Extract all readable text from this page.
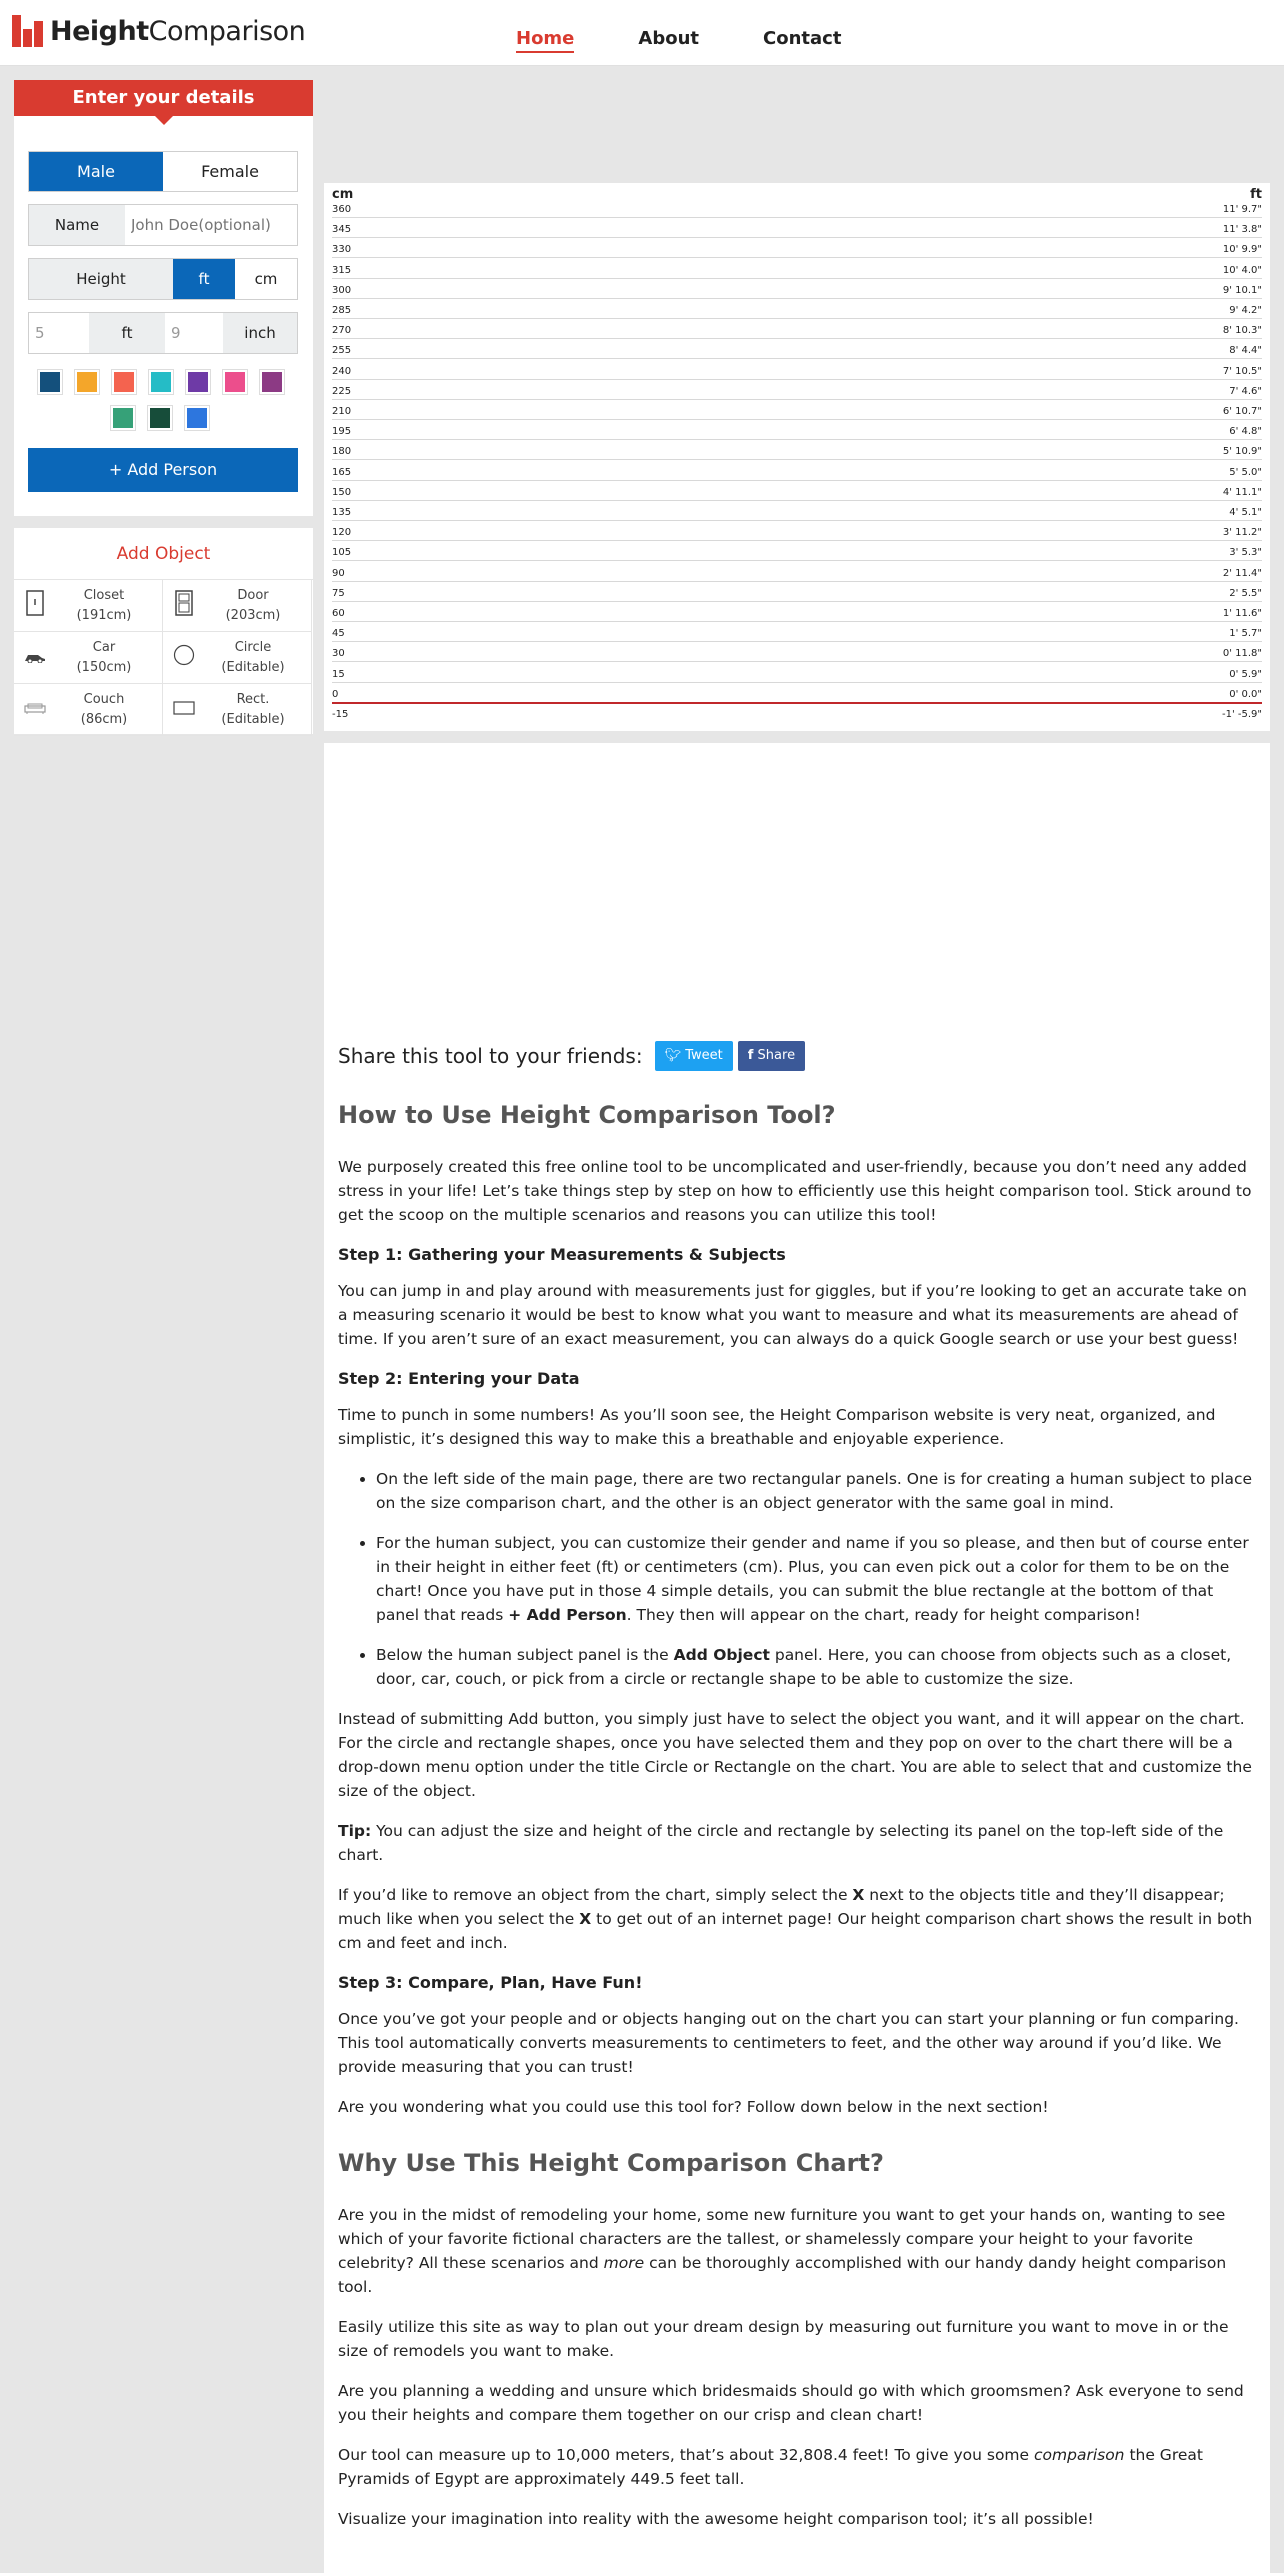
HeightComparison	Home	About	Contact
Enter your details
Male	Female
Name
John Doe(optional)
Height	ft	cm
5
ft
9	inch
+ Add Person
Add Object
Closet
(191cm)
Door
(203cm)
Car
(150cm)
Circle
(Editable)
Couch
(86cm)
Rect.
(Editable)
cm	ft
360	11' 9.7"
345	11' 3.8"
330	10' 9.9"
315	10' 4.0"
300	9' 10.1"
285	9' 4.2"
270	8' 10.3"
255	8' 4.4"
240	7' 10.5"
225	7' 4.6"
210	6' 10.7"
195	6' 4.8"
180	5' 10.9"
165	5' 5.0"
150	4' 11.1"
135	4' 5.1"
120	3' 11.2"
105	3' 5.3"
90	2' 11.4"
75	2' 5.5"
60	1' 11.6"
45	1' 5.7"
30	0' 11.8"
15	0' 5.9"
0	0' 0.0"
-15	-1' -5.9"
Share this tool to your friends:	🐦︎ Tweet	f Share
How to Use Height Comparison Tool?

We purposely created this free online tool to be uncomplicated and user-friendly, because you don’t need any added stress in your life! Let’s take things step by step on how to efficiently use this height comparison tool. Stick around to get the scoop on the multiple scenarios and reasons you can utilize this tool!

Step 1: Gathering your Measurements & Subjects

You can jump in and play around with measurements just for giggles, but if you’re looking to get an accurate take on a measuring scenario it would be best to know what you want to measure and what its measurements are ahead of time. If you aren’t sure of an exact measurement, you can always do a quick Google search or use your best guess!

Step 2: Entering your Data

Time to punch in some numbers! As you’ll soon see, the Height Comparison website is very neat, organized, and simplistic, it’s designed this way to make this a breathable and enjoyable experience.

• On the left side of the main page, there are two rectangular panels. One is for creating a human subject to place on the size comparison chart, and the other is an object generator with the same goal in mind.
• For the human subject, you can customize their gender and name if you so please, and then but of course enter in their height in either feet (ft) or centimeters (cm). Plus, you can even pick out a color for them to be on the chart! Once you have put in those 4 simple details, you can submit the blue rectangle at the bottom of that panel that reads + Add Person. They then will appear on the chart, ready for height comparison!
• Below the human subject panel is the Add Object panel. Here, you can choose from objects such as a closet, door, car, couch, or pick from a circle or rectangle shape to be able to customize the size.

Instead of submitting Add button, you simply just have to select the object you want, and it will appear on the chart. For the circle and rectangle shapes, once you have selected them and they pop on over to the chart there will be a drop-down menu option under the title Circle or Rectangle on the chart. You are able to select that and customize the size of the object.

Tip: You can adjust the size and height of the circle and rectangle by selecting its panel on the top-left side of the chart.

If you’d like to remove an object from the chart, simply select the X next to the objects title and they’ll disappear; much like when you select the X to get out of an internet page! Our height comparison chart shows the result in both cm and feet and inch.

Step 3: Compare, Plan, Have Fun!

Once you’ve got your people and or objects hanging out on the chart you can start your planning or fun comparing. This tool automatically converts measurements to centimeters to feet, and the other way around if you’d like. We provide measuring that you can trust!

Are you wondering what you could use this tool for? Follow down below in the next section!

Why Use This Height Comparison Chart?

Are you in the midst of remodeling your home, some new furniture you want to get your hands on, wanting to see which of your favorite fictional characters are the tallest, or shamelessly compare your height to your favorite celebrity? All these scenarios and more can be thoroughly accomplished with our handy dandy height comparison tool.

Easily utilize this site as way to plan out your dream design by measuring out furniture you want to move in or the size of remodels you want to make.

Are you planning a wedding and unsure which bridesmaids should go with which groomsmen? Ask everyone to send you their heights and compare them together on our crisp and clean chart!

Our tool can measure up to 10,000 meters, that’s about 32,808.4 feet! To give you some comparison the Great Pyramids of Egypt are approximately 449.5 feet tall.

Visualize your imagination into reality with the awesome height comparison tool; it’s all possible!
